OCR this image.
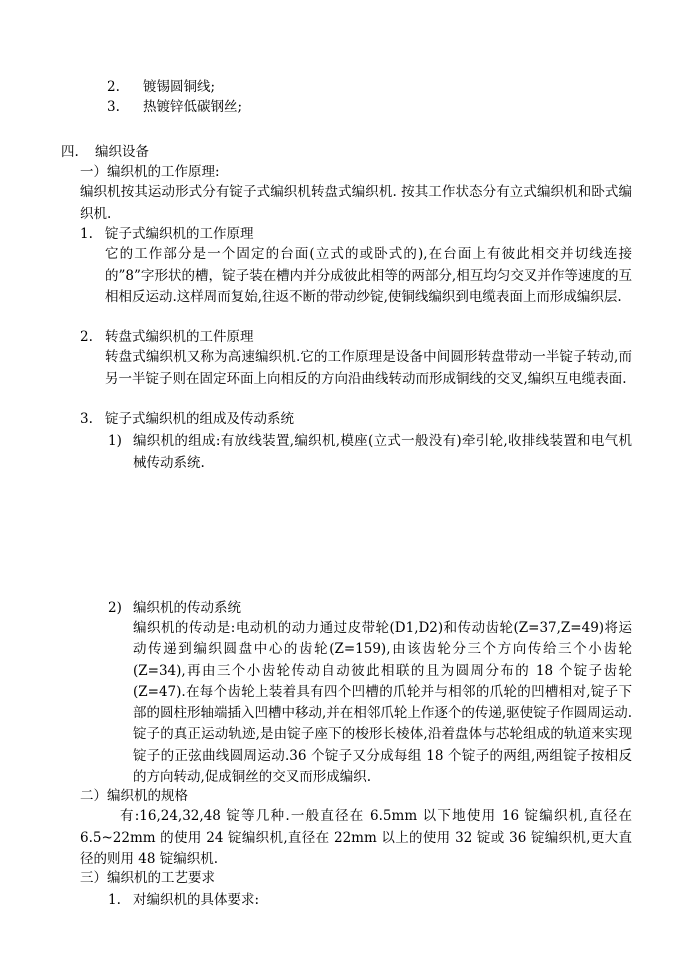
2. 镀锡圆铜线;
3. 热镀锌低碳钢丝;
四. 编织设备
一）编织机的工作原理:
编织机按其运动形式分有锭子式编织机转盘式编织机. 按其工作状态分有立式编织机和卧式编织机.
1. 锭子式编织机的工作原理
它的工作部分是一个固定的台面(立式的或卧式的),在台面上有彼此相交并切线连接的”8”字形状的槽，锭子装在槽内并分成彼此相等的两部分,相互均匀交叉并作等速度的互相相反运动.这样周而复始,往返不断的带动纱锭,使铜线编织到电缆表面上而形成编织层.
2. 转盘式编织机的工件原理
转盘式编织机又称为高速编织机.它的工作原理是设备中间圆形转盘带动一半锭子转动,而另一半锭子则在固定环面上向相反的方向沿曲线转动而形成铜线的交叉,编织互电缆表面.
3. 锭子式编织机的组成及传动系统
1) 编织机的组成:有放线装置,编织机,模座(立式一般没有)牵引轮,收排线装置和电气机械传动系统.
2) 编织机的传动系统
编织机的传动是:电动机的动力通过皮带轮(D1,D2)和传动齿轮(Z=37,Z=49)将运动传递到编织圆盘中心的齿轮(Z=159),由该齿轮分三个方向传给三个小齿轮(Z=34),再由三个小齿轮传动自动彼此相联的且为圆周分布的 18 个锭子齿轮(Z=47).在每个齿轮上装着具有四个凹槽的爪轮并与相邻的爪轮的凹槽相对,锭子下部的圆柱形轴端插入凹槽中移动,并在相邻爪轮上作逐个的传递,驱使锭子作圆周运动.锭子的真正运动轨迹,是由锭子座下的梭形长棱体,沿着盘体与芯轮组成的轨道来实现锭子的正弦曲线圆周运动.36 个锭子又分成每组 18 个锭子的两组,两组锭子按相反的方向转动,促成铜丝的交叉而形成编织.
二）编织机的规格
有:16,24,32,48 锭等几种.一般直径在 6.5mm 以下地使用 16 锭编织机,直径在6.5~22mm 的使用 24 锭编织机,直径在 22mm 以上的使用 32 锭或 36 锭编织机,更大直径的则用 48 锭编织机.
三）编织机的工艺要求
1. 对编织机的具体要求:
